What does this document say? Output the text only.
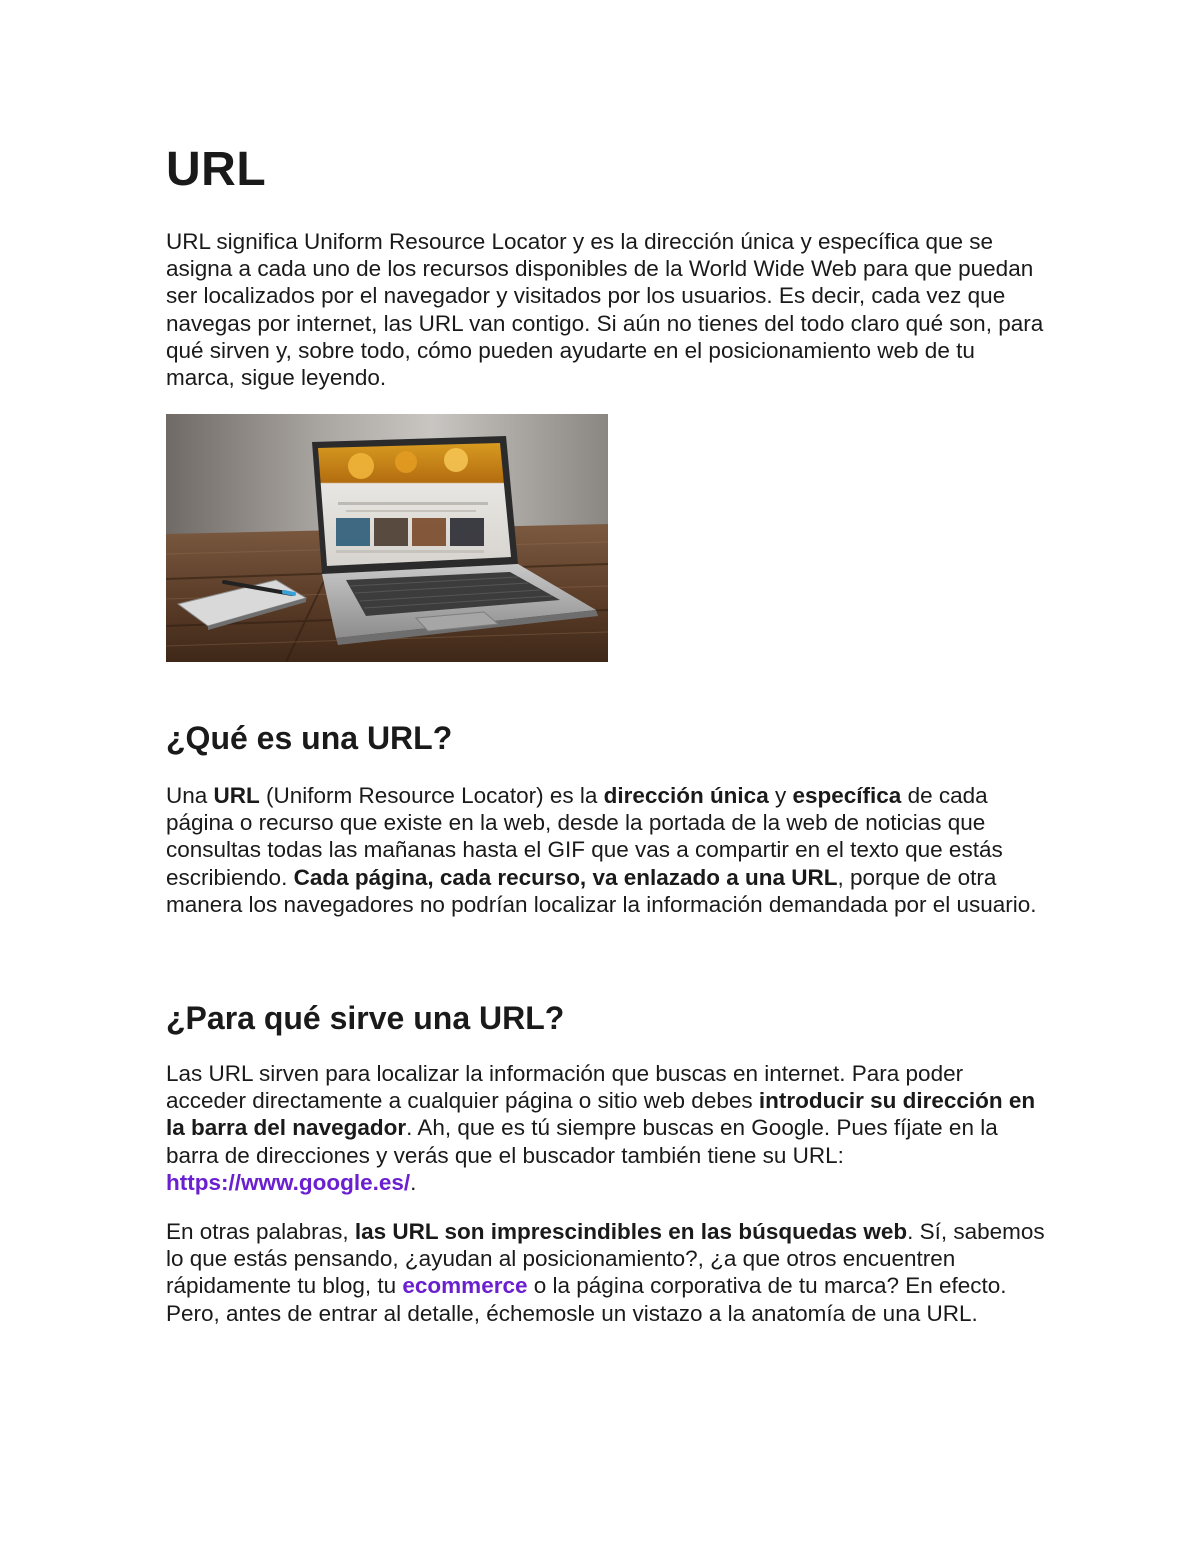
URL

URL significa Uniform Resource Locator y es la dirección única y específica que se asigna a cada uno de los recursos disponibles de la World Wide Web para que puedan ser localizados por el navegador y visitados por los usuarios. Es decir, cada vez que navegas por internet, las URL van contigo. Si aún no tienes del todo claro qué son, para qué sirven y, sobre todo, cómo pueden ayudarte en el posicionamiento web de tu marca, sigue leyendo.

¿Qué es una URL?

Una URL (Uniform Resource Locator) es la dirección única y específica de cada página o recurso que existe en la web, desde la portada de la web de noticias que consultas todas las mañanas hasta el GIF que vas a compartir en el texto que estás escribiendo. Cada página, cada recurso, va enlazado a una URL, porque de otra manera los navegadores no podrían localizar la información demandada por el usuario.

¿Para qué sirve una URL?

Las URL sirven para localizar la información que buscas en internet. Para poder acceder directamente a cualquier página o sitio web debes introducir su dirección en la barra del navegador. Ah, que es tú siempre buscas en Google. Pues fíjate en la barra de direcciones y verás que el buscador también tiene su URL: https://www.google.es/.

En otras palabras, las URL son imprescindibles en las búsquedas web. Sí, sabemos lo que estás pensando, ¿ayudan al posicionamiento?, ¿a que otros encuentren rápidamente tu blog, tu ecommerce o la página corporativa de tu marca? En efecto. Pero, antes de entrar al detalle, échemosle un vistazo a la anatomía de una URL.
